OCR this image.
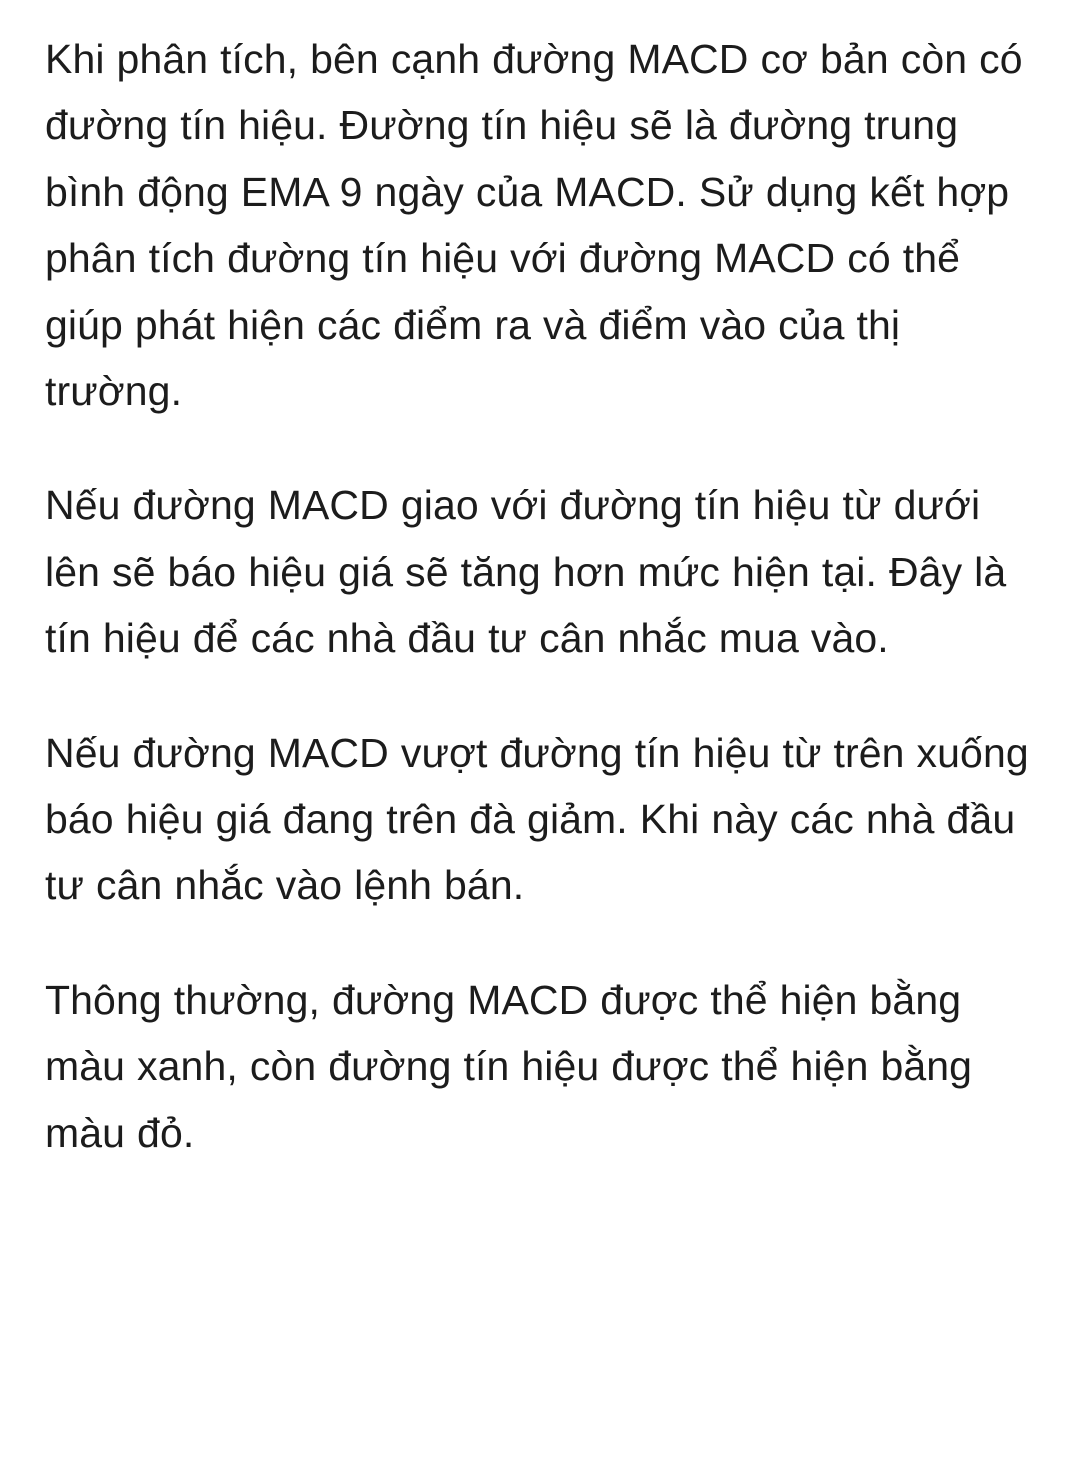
Khi phân tích, bên cạnh đường MACD cơ bản còn có đường tín hiệu. Đường tín hiệu sẽ là đường trung bình động EMA 9 ngày của MACD. Sử dụng kết hợp phân tích đường tín hiệu với đường MACD có thể giúp phát hiện các điểm ra và điểm vào của thị trường.

Nếu đường MACD giao với đường tín hiệu từ dưới lên sẽ báo hiệu giá sẽ tăng hơn mức hiện tại. Đây là tín hiệu để các nhà đầu tư cân nhắc mua vào.

Nếu đường MACD vượt đường tín hiệu từ trên xuống báo hiệu giá đang trên đà giảm. Khi này các nhà đầu tư cân nhắc vào lệnh bán.

Thông thường, đường MACD được thể hiện bằng màu xanh, còn đường tín hiệu được thể hiện bằng màu đỏ.
